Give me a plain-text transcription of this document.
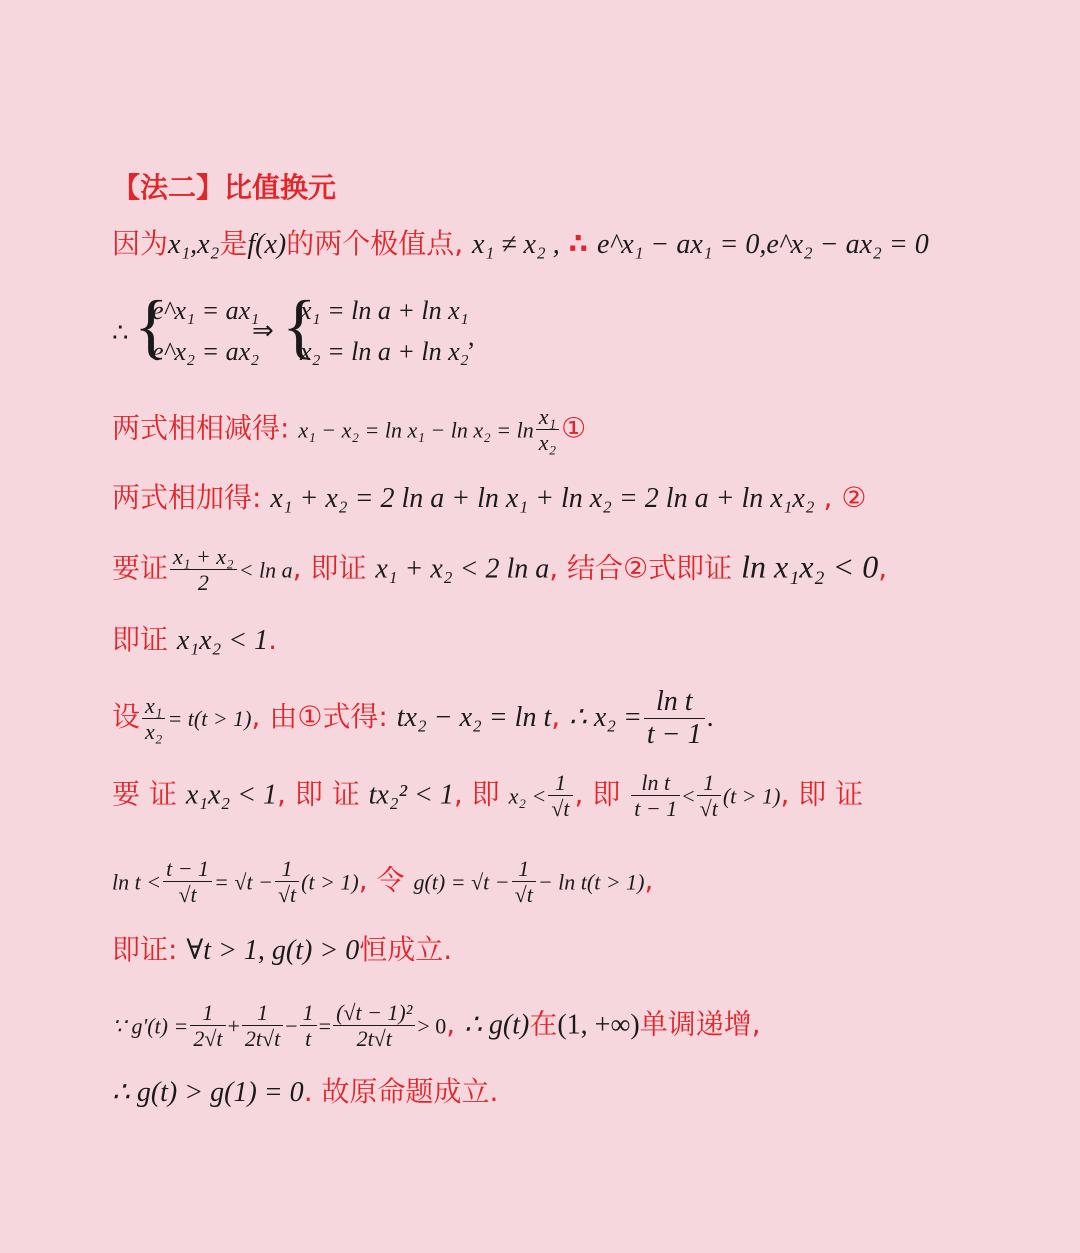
【法二】比值换元
因为x₁,x₂是f(x)的两个极值点, x₁ ≠ x₂ , ∴ e^x₁ − ax₁ = 0,e^x₂ − ax₂ = 0
∴ {
e^x₁ = ax₁
e^x₂ = ax₂
⇒ {
x₁ = ln a + ln x₁
x₂ = ln a + ln x₂
,
两式相相减得: $x_1 - x_2 = \ln x_1 - \ln x_2 = \ln \frac{\text{x₁}}{\text{x₂}}$ ①
两式相加得: x₁ + x₂ = 2 ln a + ln x₁ + ln x₂ = 2 ln a + ln x₁x₂ , ②
要证 $\frac{\text{x₁ + x₂}}{2} < \ln a$, 即证 x₁ + x₂ < 2 ln a, 结合②式即证 ln x₁x₂ < 0,
即证 x₁x₂ < 1.
设 $\frac{\text{x₁}}{\text{x₂}} = t(t > 1)$, 由①式得: tx₂ − x₂ = ln t, ∴ $x_2 = \frac{\text{ln t}}{t - 1}$ .
要 证 x₁x₂ < 1, 即 证 tx₂² < 1, 即 $x_2 < \frac{1}{√t}$ , 即 $\frac{\text{ln t}}{t - 1} < \frac{1}{√t} (t > 1)$, 即 证
$\ln t < \frac{t - 1}{√t} = √t - \frac{1}{√t} (t > 1)$, 令 $g(t) = √t - \frac{1}{√t} - \ln t(t > 1)$,
即证: ∀t > 1, g(t) > 0恒成立.
∵ $g'(t) = \frac{1}{2√t} + \frac{1}{2t√t} - \frac{1}{t} = \frac{\text{(√t − 1)²}}{2t√t} > 0$, ∴ g(t)在(1, +∞)单调递增,
∴ g(t) > g(1) = 0. 故原命题成立.
